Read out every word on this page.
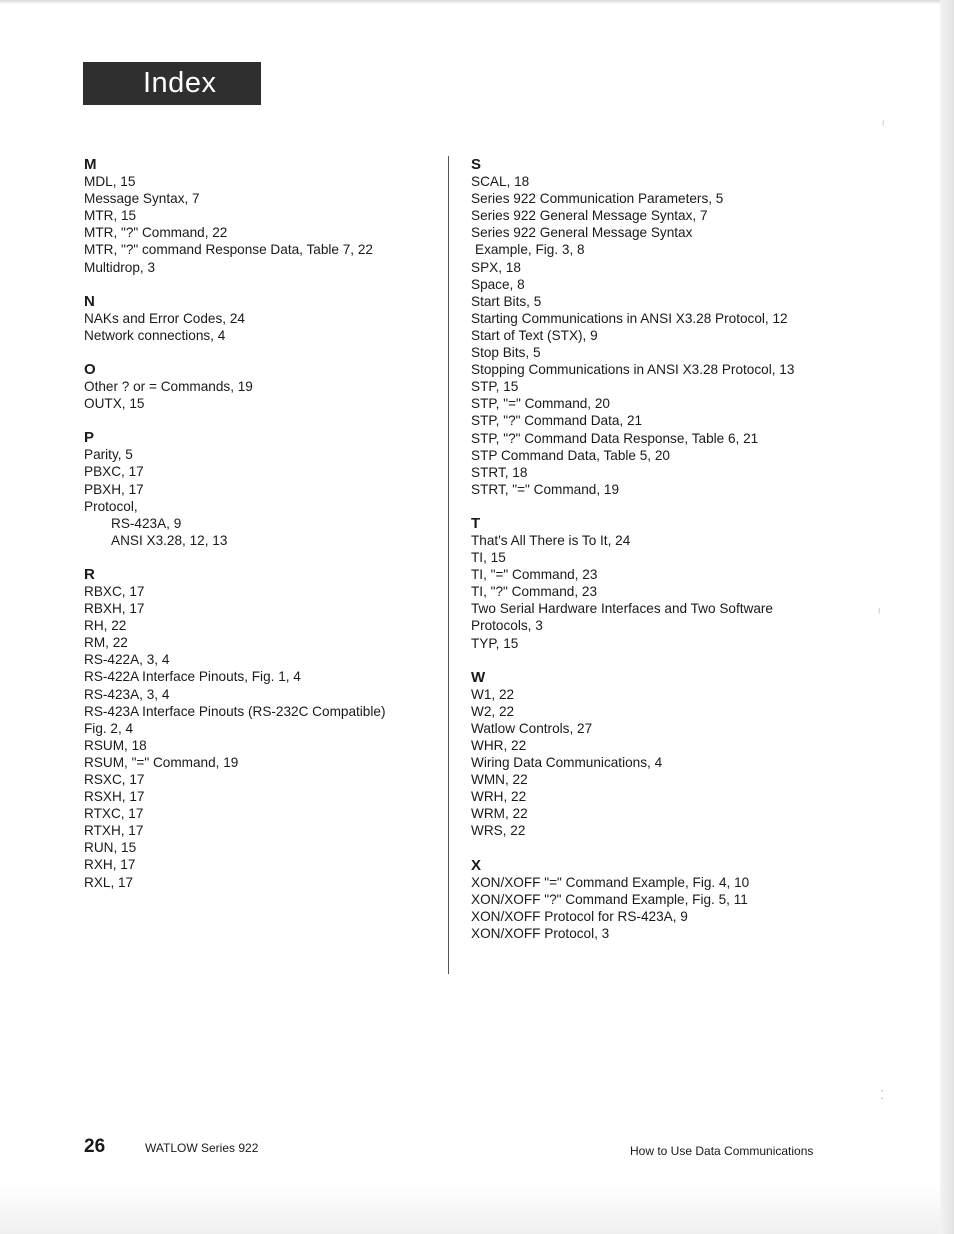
Index
M
MDL, 15
Message Syntax, 7
MTR, 15
MTR, "?" Command, 22
MTR, "?" command Response Data, Table 7, 22
Multidrop, 3
N
NAKs and Error Codes, 24
Network connections, 4
O
Other ? or = Commands, 19
OUTX, 15
P
Parity, 5
PBXC, 17
PBXH, 17
Protocol,
RS-423A, 9
ANSI X3.28, 12, 13
R
RBXC, 17
RBXH, 17
RH, 22
RM, 22
RS-422A, 3, 4
RS-422A Interface Pinouts, Fig. 1, 4
RS-423A, 3, 4
RS-423A Interface Pinouts (RS-232C Compatible)
Fig. 2, 4
RSUM, 18
RSUM, "=" Command, 19
RSXC, 17
RSXH, 17
RTXC, 17
RTXH, 17
RUN, 15
RXH, 17
RXL, 17
S
SCAL, 18
Series 922 Communication Parameters, 5
Series 922 General Message Syntax, 7
Series 922 General Message Syntax
Example, Fig. 3, 8
SPX, 18
Space, 8
Start Bits, 5
Starting Communications in ANSI X3.28 Protocol, 12
Start of Text (STX), 9
Stop Bits, 5
Stopping Communications in ANSI X3.28 Protocol, 13
STP, 15
STP, "=" Command, 20
STP, "?" Command Data, 21
STP, "?" Command Data Response, Table 6, 21
STP Command Data, Table 5, 20
STRT, 18
STRT, "=" Command, 19
T
That's All There is To It, 24
TI, 15
TI, "=" Command, 23
TI, "?" Command, 23
Two Serial Hardware Interfaces and Two Software
Protocols, 3
TYP, 15
W
W1, 22
W2, 22
Watlow Controls, 27
WHR, 22
Wiring Data Communications, 4
WMN, 22
WRH, 22
WRM, 22
WRS, 22
X
XON/XOFF "=" Command Example, Fig. 4, 10
XON/XOFF "?" Command Example, Fig. 5, 11
XON/XOFF Protocol for RS-423A, 9
XON/XOFF Protocol, 3
26	WATLOW Series 922	How to Use Data Communications
⁽
⁽
⁚
